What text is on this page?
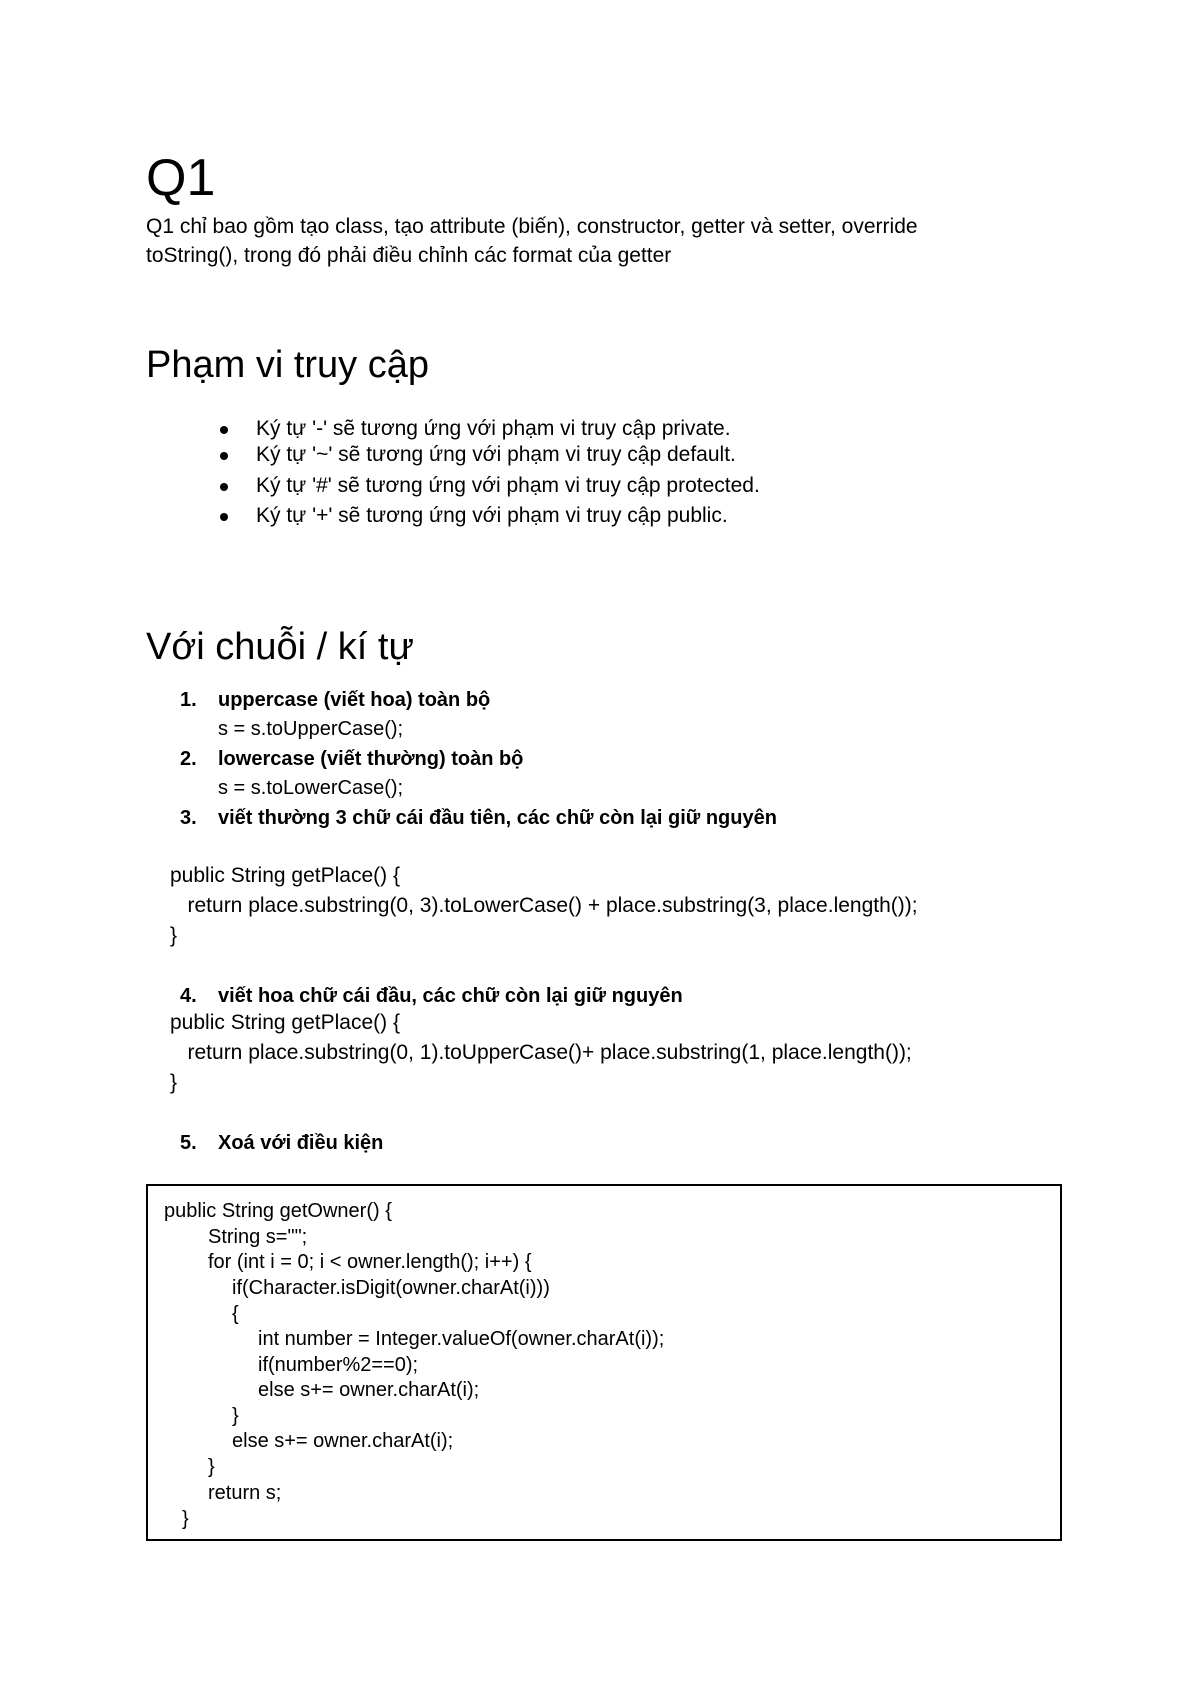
Q1
Q1 chỉ bao gồm tạo class, tạo attribute (biến), constructor, getter và setter, override toString(), trong đó phải điều chỉnh các format của getter
Phạm vi truy cập

Ký tự '-' sẽ tương ứng với phạm vi truy cập private.

Ký tự '~' sẽ tương ứng với phạm vi truy cập default.

Ký tự '#' sẽ tương ứng với phạm vi truy cập protected.

Ký tự '+' sẽ tương ứng với phạm vi truy cập public.

Với chuỗi / kí tự
1. uppercase (viết hoa) toàn bộ
s = s.toUpperCase();
2. lowercase (viết thường) toàn bộ
s = s.toLowerCase();
3. viết thường 3 chữ cái đầu tiên, các chữ còn lại giữ nguyên
public String getPlace() {
return place.substring(0, 3).toLowerCase() + place.substring(3, place.length());
}
4. viết hoa chữ cái đầu, các chữ còn lại giữ nguyên
public String getPlace() {
return place.substring(0, 1).toUpperCase()+ place.substring(1, place.length());
}
5. Xoá với điều kiện
public String getOwner() {
String s="";
for (int i = 0; i < owner.length(); i++) {
if(Character.isDigit(owner.charAt(i)))
{
int number = Integer.valueOf(owner.charAt(i));
if(number%2==0);
else s+= owner.charAt(i);
}
else s+= owner.charAt(i);
}
return s;
}
